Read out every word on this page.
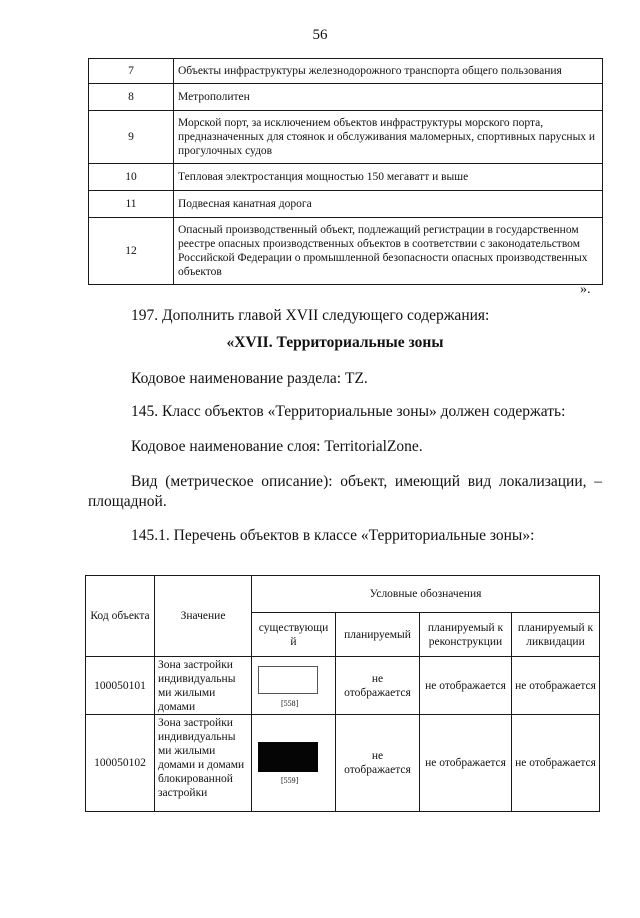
56
7	Объекты инфраструктуры железнодорожного транспорта общего пользования
8	Метрополитен
9	Морской порт, за исключением объектов инфраструктуры морского порта, предназначенных для стоянок и обслуживания маломерных, спортивных парусных и прогулочных судов
10	Тепловая электростанция мощностью 150 мегаватт и выше
11	Подвесная канатная дорога
12	Опасный производственный объект, подлежащий регистрации в государственном реестре опасных производственных объектов в соответствии с законодательством Российской Федерации о промышленной безопасности опасных производственных объектов
».
197. Дополнить главой XVII следующего содержания:
«XVII. Территориальные зоны
Кодовое наименование раздела: TZ.
145. Класс объектов «Территориальные зоны» должен содержать:
Кодовое наименование слоя: TerritorialZone.
Вид (метрическое описание): объект, имеющий вид локализации, –
площадной.
145.1. Перечень объектов в классе «Территориальные зоны»:
Код объекта	Значение	Условные обозначения			
		существующи й	планируемый	планируемый к реконструкции	планируемый к ликвидации
100050101	Зона застройки индивидуальны ми жилыми домами	[558]	не отображается	не отображается	не отображается
100050102	Зона застройки индивидуальны ми жилыми домами и домами блокированной застройки	[559]	не отображается	не отображается	не отображается
